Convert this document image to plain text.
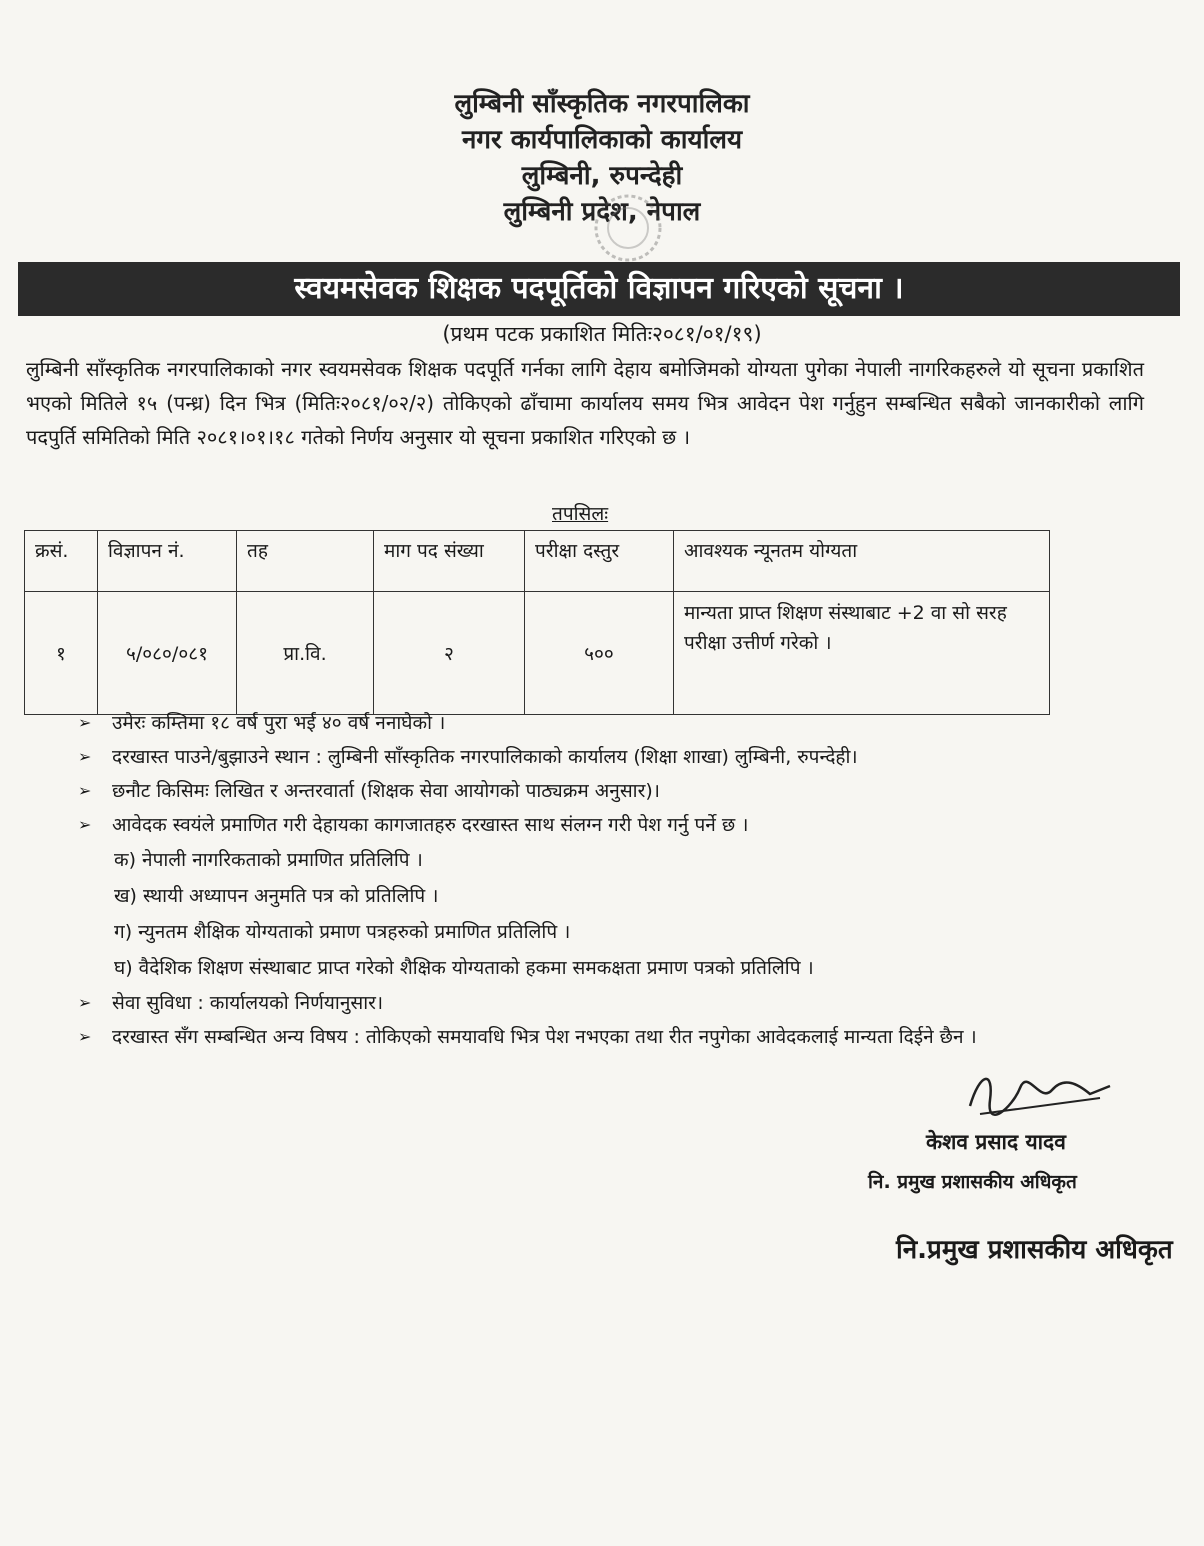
लुम्बिनी साँस्कृतिक नगरपालिका
नगर कार्यपालिकाको कार्यालय
लुम्बिनी, रुपन्देही
लुम्बिनी प्रदेश, नेपाल
स्वयमसेवक शिक्षक पदपूर्तिको विज्ञापन गरिएको सूचना ।
(प्रथम पटक प्रकाशित मितिः२०८१/०१/१९)
लुम्बिनी साँस्कृतिक नगरपालिकाको नगर स्वयमसेवक शिक्षक पदपूर्ति गर्नका लागि देहाय बमोजिमको योग्यता पुगेका नेपाली नागरिकहरुले यो सूचना प्रकाशित भएको मितिले १५ (पन्ध्र) दिन भित्र (मितिः२०८१/०२/२) तोकिएको ढाँचामा कार्यालय समय भित्र आवेदन पेश गर्नुहुन सम्बन्धित सबैको जानकारीको लागि पदपुर्ति समितिको मिति २०८१।०१।१८ गतेको निर्णय अनुसार यो सूचना प्रकाशित गरिएको छ ।
तपसिलः
क्रसं.	विज्ञापन नं.	तह	माग पद संख्या	परीक्षा दस्तुर	आवश्यक न्यूनतम योग्यता
१	५/०८०/०८१	प्रा.वि.	२	५००	मान्यता प्राप्त शिक्षण संस्थाबाट +2 वा सो सरह परीक्षा उत्तीर्ण गरेको ।
➢	उमेरः कम्तिमा १८ वर्ष पुरा भई ४० वर्ष ननाघेको ।
➢	दरखास्त पाउने/बुझाउने स्थान : लुम्बिनी साँस्कृतिक नगरपालिकाको कार्यालय (शिक्षा शाखा) लुम्बिनी, रुपन्देही।
➢	छनौट किसिमः लिखित र अन्तरवार्ता (शिक्षक सेवा आयोगको पाठ्यक्रम अनुसार)।
➢	आवेदक स्वयंले प्रमाणित गरी देहायका कागजातहरु दरखास्त साथ संलग्न गरी पेश गर्नु पर्ने छ ।
क) नेपाली नागरिकताको प्रमाणित प्रतिलिपि ।
ख) स्थायी अध्यापन अनुमति पत्र को प्रतिलिपि ।
ग) न्युनतम शैक्षिक योग्यताको प्रमाण पत्रहरुको प्रमाणित प्रतिलिपि ।
घ) वैदेशिक शिक्षण संस्थाबाट प्राप्त गरेको शैक्षिक योग्यताको हकमा समकक्षता प्रमाण पत्रको प्रतिलिपि ।
➢	सेवा सुविधा : कार्यालयको निर्णयानुसार।
➢	दरखास्त सँग सम्बन्धित अन्य विषय : तोकिएको समयावधि भित्र पेश नभएका तथा रीत नपुगेका आवेदकलाई मान्यता दिईने छैन ।
केशव प्रसाद यादव
नि. प्रमुख प्रशासकीय अधिकृत
नि.प्रमुख प्रशासकीय अधिकृत
